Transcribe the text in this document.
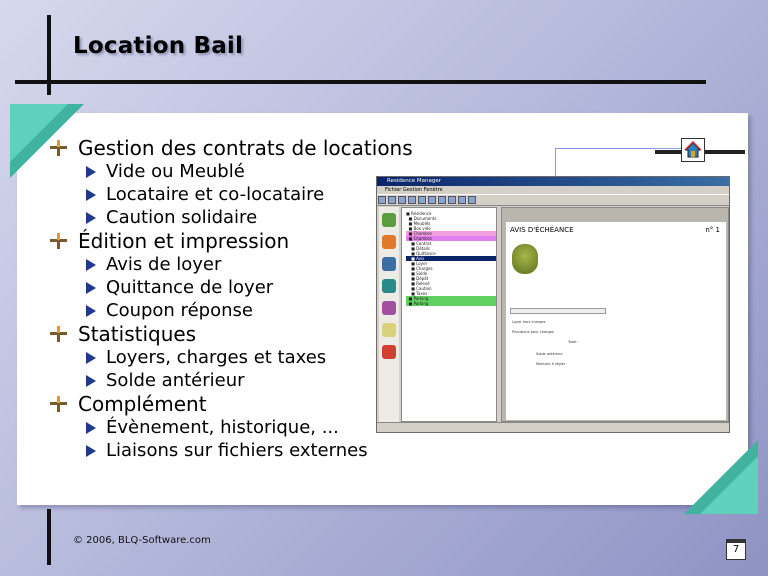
Location Bail
Gestion des contrats de locations
Vide ou Meublé
Locataire et co-locataire
Caution solidaire
Édition et impression
Avis de loyer
Quittance de loyer
Coupon réponse
Statistiques
Loyers, charges et taxes
Solde antérieur
Complément
Évènement, historique, ...
Liaisons sur fichiers externes
Residence Manager
Fichier Gestion Fenêtre
■ Résidence
■ Documents
■ Meublés
■ Box vide
■ Chambre
■ Chambre
■ Contrat
■ Détails
■ Quittance
■ Avis
■ Loyer
■ Charges
■ Solde
■ Dépôt
■ Relevé
■ Caution
■ Taxes
■ Parking
■ Parking
AVIS D'ÉCHÉANCE	n° 1
Loyer hors charges
Provisions pour charges
Total :
Solde antérieur
Montant à régler :
© 2006, BLQ-Software.com
7
